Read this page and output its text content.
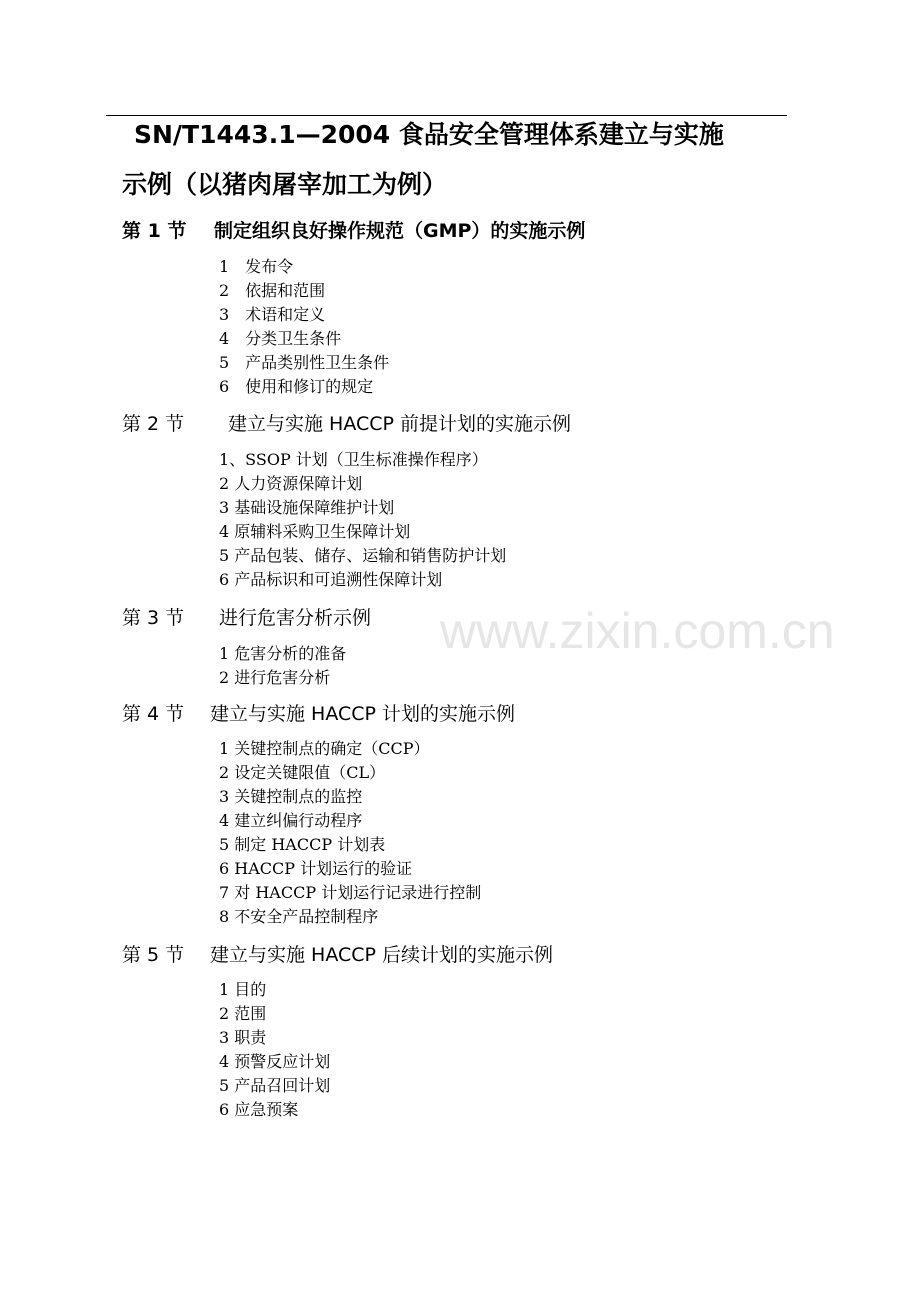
SN/T1443.1—2004 食品安全管理体系建立与实施
示例（以猪肉屠宰加工为例）
www.zixin.com.cn
第 1 节 制定组织良好操作规范（GMP）的实施示例
1　发布令
2　依据和范围
3　术语和定义
4　分类卫生条件
5　产品类别性卫生条件
6　使用和修订的规定
第 2 节 建立与实施 HACCP 前提计划的实施示例
1、SSOP 计划（卫生标准操作程序）
2 人力资源保障计划
3 基础设施保障维护计划
4 原辅料采购卫生保障计划
5 产品包装、储存、运输和销售防护计划
6 产品标识和可追溯性保障计划
第 3 节 进行危害分析示例
1 危害分析的准备
2 进行危害分析
第 4 节 建立与实施 HACCP 计划的实施示例
1 关键控制点的确定（CCP）
2 设定关键限值（CL）
3 关键控制点的监控
4 建立纠偏行动程序
5 制定 HACCP 计划表
6 HACCP 计划运行的验证
7 对 HACCP 计划运行记录进行控制
8 不安全产品控制程序
第 5 节 建立与实施 HACCP 后续计划的实施示例
1 目的
2 范围
3 职责
4 预警反应计划
5 产品召回计划
6 应急预案
